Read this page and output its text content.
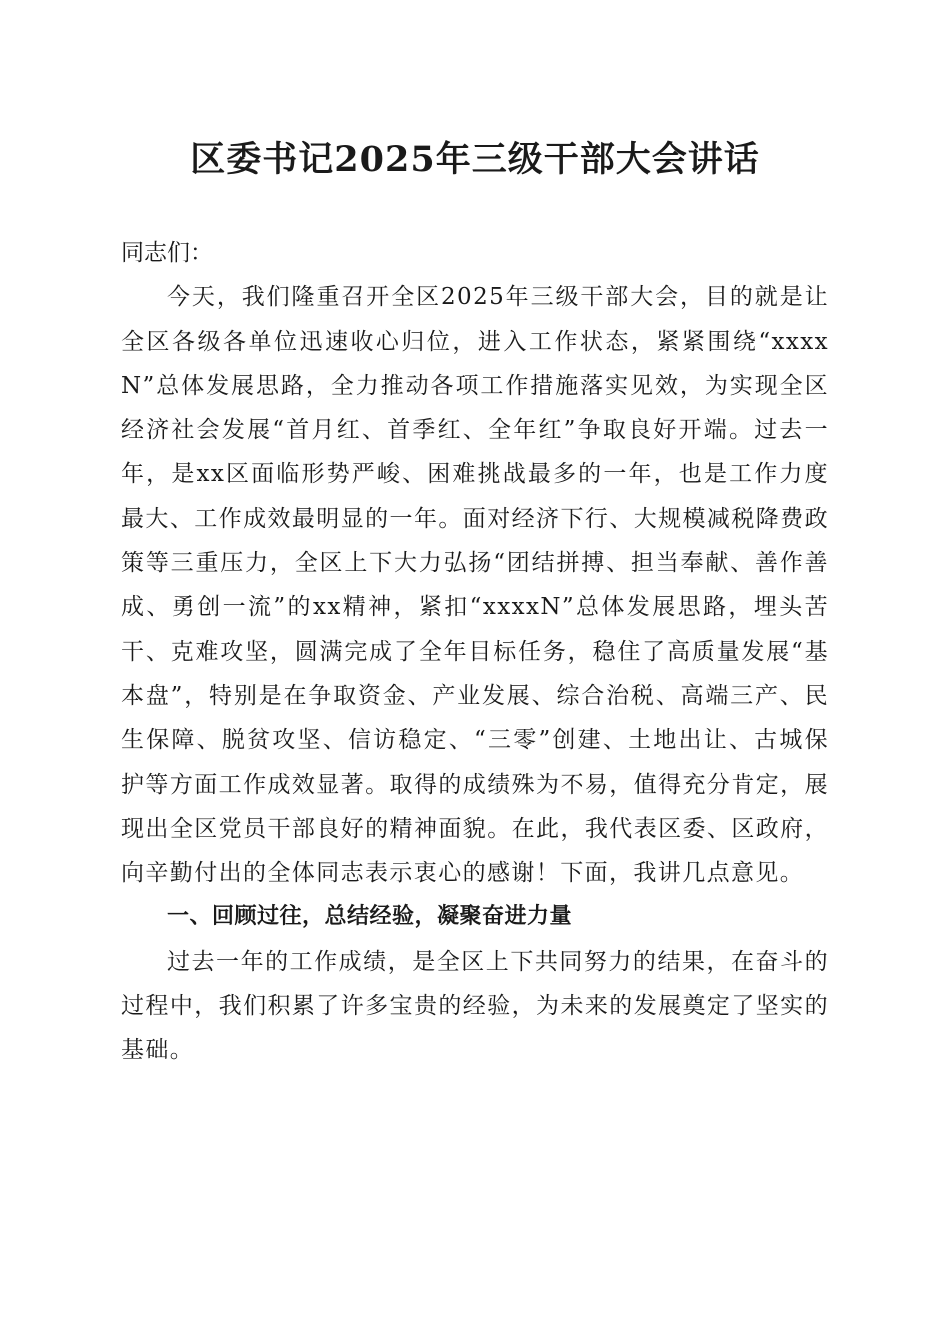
区委书记2025年三级干部大会讲话

同志们：

今天，我们隆重召开全区2025年三级干部大会，目的就是让全区各级各单位迅速收心归位，进入工作状态，紧紧围绕“xxxxN”总体发展思路，全力推动各项工作措施落实见效，为实现全区经济社会发展“首月红、首季红、全年红”争取良好开端。过去一年，是xx区面临形势严峻、困难挑战最多的一年，也是工作力度最大、工作成效最明显的一年。面对经济下行、大规模减税降费政策等三重压力，全区上下大力弘扬“团结拼搏、担当奉献、善作善成、勇创一流”的xx精神，紧扣“xxxxN”总体发展思路，埋头苦干、克难攻坚，圆满完成了全年目标任务，稳住了高质量发展“基本盘”，特别是在争取资金、产业发展、综合治税、高端三产、民生保障、脱贫攻坚、信访稳定、“三零”创建、土地出让、古城保护等方面工作成效显著。取得的成绩殊为不易，值得充分肯定，展现出全区党员干部良好的精神面貌。在此，我代表区委、区政府，向辛勤付出的全体同志表示衷心的感谢！下面，我讲几点意见。

一、回顾过往，总结经验，凝聚奋进力量

过去一年的工作成绩，是全区上下共同努力的结果，在奋斗的过程中，我们积累了许多宝贵的经验，为未来的发展奠定了坚实的基础。
